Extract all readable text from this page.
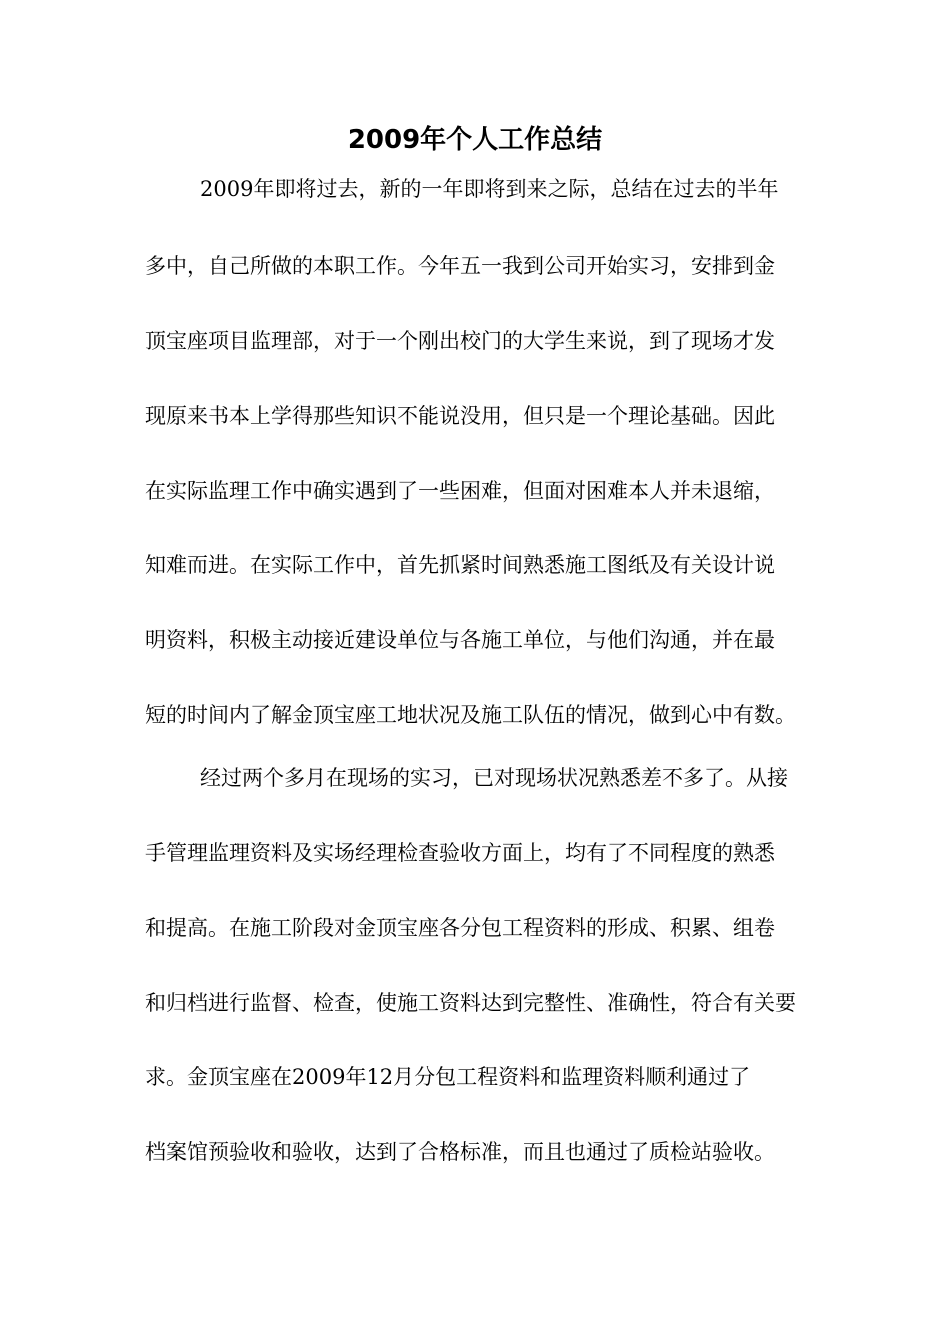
2009年个人工作总结

2009年即将过去，新的一年即将到来之际，总结在过去的半年

多中，自己所做的本职工作。今年五一我到公司开始实习，安排到金

顶宝座项目监理部，对于一个刚出校门的大学生来说，到了现场才发

现原来书本上学得那些知识不能说没用，但只是一个理论基础。因此

在实际监理工作中确实遇到了一些困难，但面对困难本人并未退缩，

知难而进。在实际工作中，首先抓紧时间熟悉施工图纸及有关设计说

明资料，积极主动接近建设单位与各施工单位，与他们沟通，并在最

短的时间内了解金顶宝座工地状况及施工队伍的情况，做到心中有数。

经过两个多月在现场的实习，已对现场状况熟悉差不多了。从接

手管理监理资料及实场经理检查验收方面上，均有了不同程度的熟悉

和提高。在施工阶段对金顶宝座各分包工程资料的形成、积累、组卷

和归档进行监督、检查，使施工资料达到完整性、准确性，符合有关要

求。金顶宝座在2009年12月分包工程资料和监理资料顺利通过了

档案馆预验收和验收，达到了合格标准，而且也通过了质检站验收。
